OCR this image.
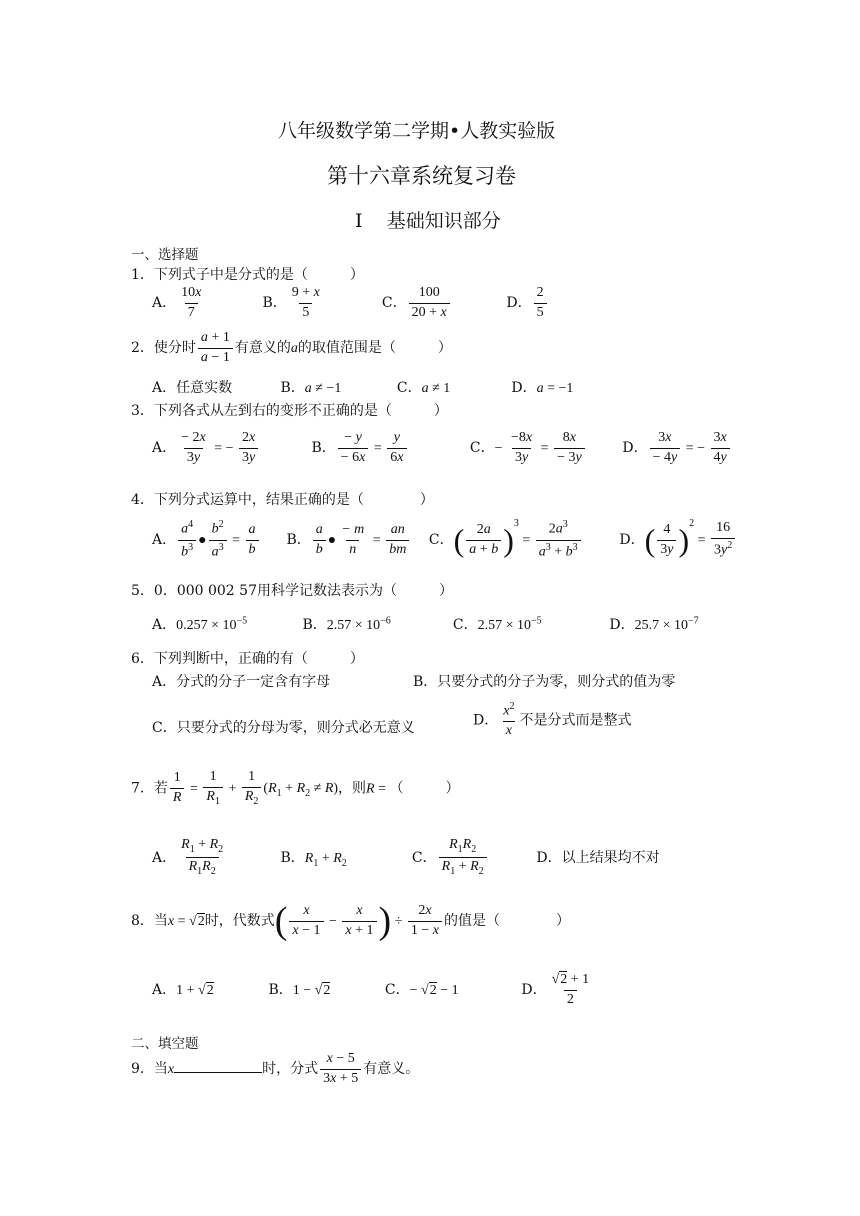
八年级数学第二学期•人教实验版
第十六章系统复习卷
I 基础知识部分
一、选择题
1．下列式子中是分式的是（　　　）
A． $\frac{10x}{7}$	B． $\frac{9 + x}{5}$	C． $\frac{100}{20 + x}$	D． $\frac{2}{5}$
2．使分时 $\frac{a + 1}{a - 1}$ 有意义的a的取值范围是（　　　）
A．任意实数	B．a ≠ −1	C．a ≠ 1	D．a = −1
3．下列各式从左到右的变形不正确的是（　　　）
A． $\frac{- 2x}{3y}$ = − $\frac{2x}{3y}$	B． $\frac{- y}{- 6x} = \frac{y}{6x}$	C．− $\frac{-8x}{3y} = \frac{8x}{- 3y}$	D． $\frac{3x}{- 4y}$ = − $\frac{3x}{4y}$
4．下列分式运算中，结果正确的是（　　　　）
A． $\frac{a^4}{b^3}$ ● $\frac{b^2}{a^3} = \frac{a}{b}$ B． $\frac{a}{b}$ ● $\frac{- m}{n} = \frac{an}{bm}$ C．( $\frac{2a}{a + b} )^3 = \frac{2a^3}{a^3 + b^3}$	D．( $\frac{4}{3y} )^2 = \frac{16}{3y^2}$
5．0．000 002 57用科学记数法表示为（　　　）
A．$0.257 \times 10^{-5}$	B．$2.57 \times 10^{-6}$	C．$2.57 \times 10^{-5}$	D．$25.7 \times 10^{-7}$
6．下列判断中，正确的有（　　　）
A．分式的分子一定含有字母	B．只要分式的分子为零，则分式的值为零
C．只要分式的分母为零，则分式必无意义	D． $\frac{x^2}{x}$ 不是分式而是整式
7．若 $\frac{1}{R} = \frac{1}{R_1} + \frac{1}{R_2} (R_1 + R_2 \ne R)$，则R = （　　　）
A． $\frac{R_1 + R_2}{R_1R_2}$	B．$R_1 + R_2$	C． $\frac{R_1R_2}{R_1 + R_2}$	D．以上结果均不对
8．当x = √2时，代数式( $\frac{x}{x - 1} - \frac{x}{x + 1}$ ) ÷ $\frac{2x}{1 - x}$ 的值是（　　　　）
A．1 + √2	B．1 − √2	C．− √2 − 1	D． $\frac{√2 + 1}{2}$
二、填空题
9．当x	时，分式 $\frac{x - 5}{3x + 5}$ 有意义。
